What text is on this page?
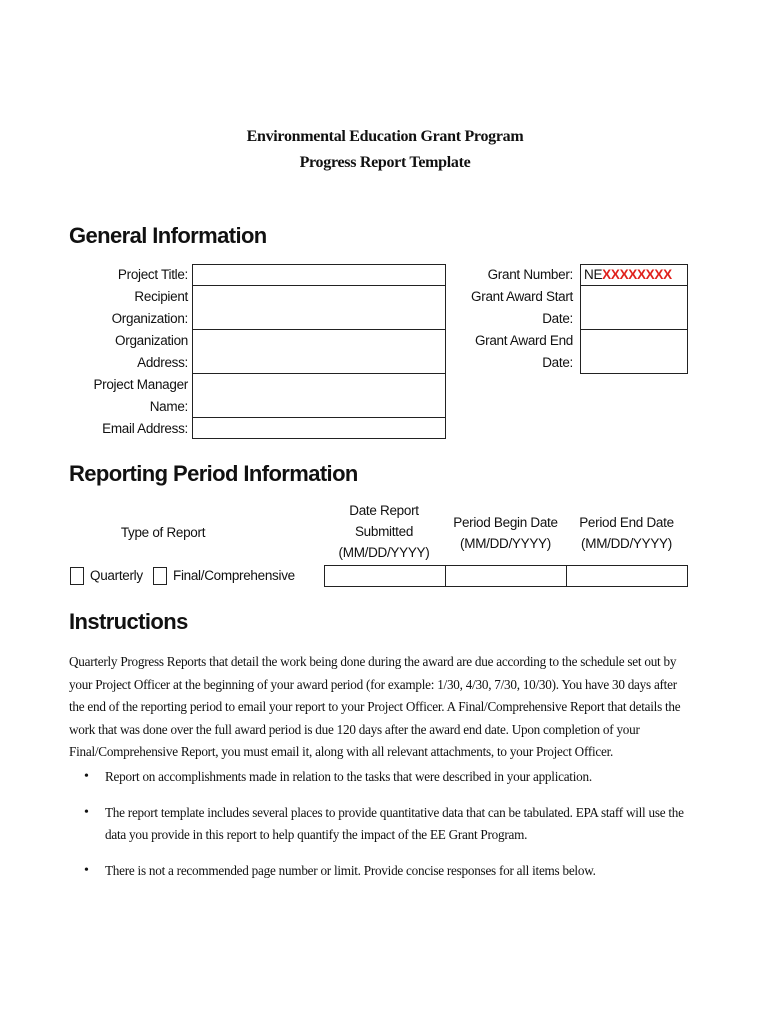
Environmental Education Grant Program
Progress Report Template
General Information
Project Title:
Recipient
Organization:
Organization
Address:
Project Manager
Name:
Email Address:
Grant Number:
Grant Award Start
Date:
Grant Award End
Date:
NEXXXXXXXX
Reporting Period Information
Type of Report
Date Report
Submitted
(MM/DD/YYYY)
Period Begin Date
(MM/DD/YYYY)
Period End Date
(MM/DD/YYYY)
Quarterly Final/Comprehensive
Instructions
Quarterly Progress Reports that detail the work being done during the award are due according to the schedule set out by your Project Officer at the beginning of your award period (for example: 1/30, 4/30, 7/30, 10/30). You have 30 days after the end of the reporting period to email your report to your Project Officer. A Final/Comprehensive Report that details the work that was done over the full award period is due 120 days after the award end date. Upon completion of your Final/Comprehensive Report, you must email it, along with all relevant attachments, to your Project Officer.
• Report on accomplishments made in relation to the tasks that were described in your application.
• The report template includes several places to provide quantitative data that can be tabulated. EPA staff will use the data you provide in this report to help quantify the impact of the EE Grant Program.
• There is not a recommended page number or limit. Provide concise responses for all items below.
